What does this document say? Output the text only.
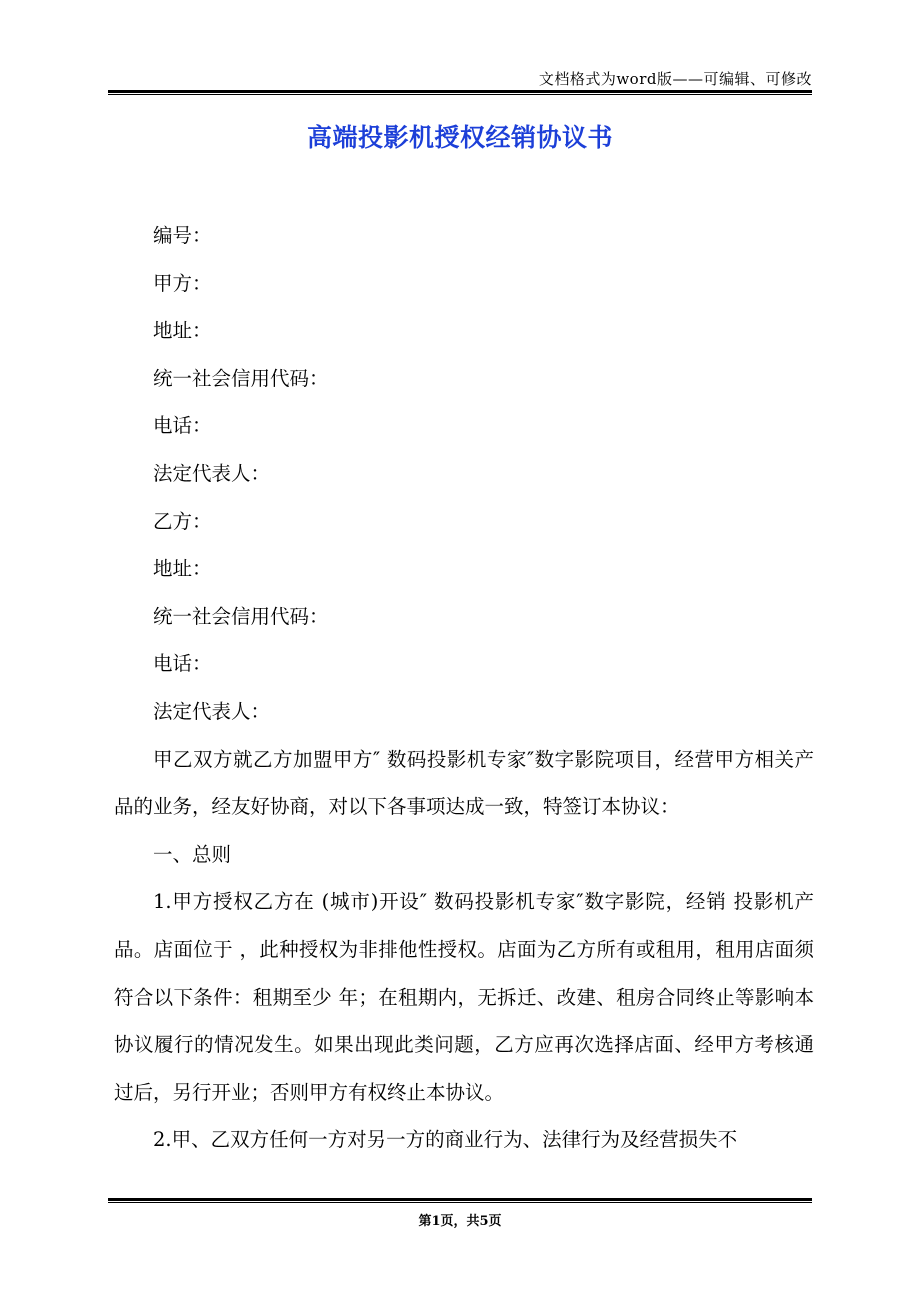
文档格式为word版——可编辑、可修改
高端投影机授权经销协议书

编号：

甲方：

地址：

统一社会信用代码：

电话：

法定代表人：

乙方：

地址：

统一社会信用代码：

电话：

法定代表人：

甲乙双方就乙方加盟甲方″ 数码投影机专家″数字影院项目，经营甲方相关产品的业务，经友好协商，对以下各事项达成一致，特签订本协议：

一、总则

1.甲方授权乙方在 (城市)开设″ 数码投影机专家″数字影院，经销 投影机产品。店面位于 ，此种授权为非排他性授权。店面为乙方所有或租用，租用店面须符合以下条件：租期至少 年；在租期内，无拆迁、改建、租房合同终止等影响本协议履行的情况发生。如果出现此类问题，乙方应再次选择店面、经甲方考核通过后，另行开业；否则甲方有权终止本协议。

2.甲、乙双方任何一方对另一方的商业行为、法律行为及经营损失不

第1页，共5页
